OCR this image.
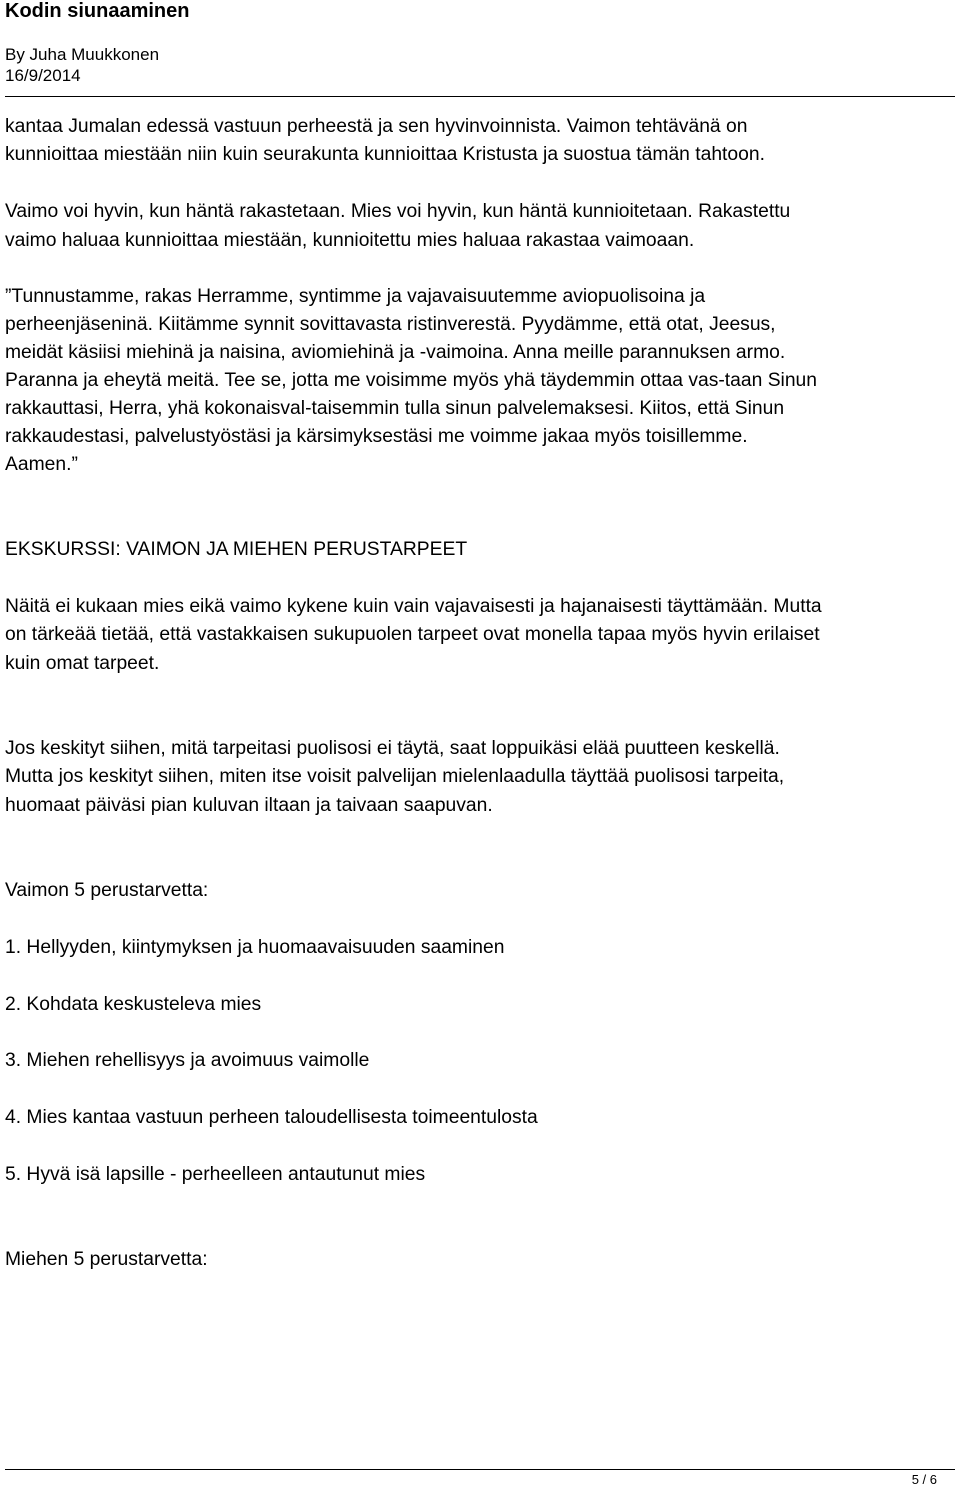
Kodin siunaaminen
By Juha Muukkonen
16/9/2014

kantaa Jumalan edessä vastuun perheestä ja sen hyvinvoinnista. Vaimon tehtävänä on

kunnioittaa miestään niin kuin seurakunta kunnioittaa Kristusta ja suostua tämän tahtoon.

Vaimo voi hyvin, kun häntä rakastetaan. Mies voi hyvin, kun häntä kunnioitetaan. Rakastettu

vaimo haluaa kunnioittaa miestään, kunnioitettu mies haluaa rakastaa vaimoaan.

”Tunnustamme, rakas Herramme, syntimme ja vajavaisuutemme aviopuolisoina ja

perheenjäseninä. Kiitämme synnit sovittavasta ristinverestä. Pyydämme, että otat, Jeesus,

meidät käsiisi miehinä ja naisina, aviomiehinä ja -vaimoina. Anna meille parannuksen armo.

Paranna ja eheytä meitä. Tee se, jotta me voisimme myös yhä täydemmin ottaa vas-taan Sinun

rakkauttasi, Herra, yhä kokonaisval-taisemmin tulla sinun palvelemaksesi. Kiitos, että Sinun

rakkaudestasi, palvelustyöstäsi ja kärsimyksestäsi me voimme jakaa myös toisillemme.

Aamen.”

EKSKURSSI: VAIMON JA MIEHEN PERUSTARPEET

Näitä ei kukaan mies eikä vaimo kykene kuin vain vajavaisesti ja hajanaisesti täyttämään. Mutta

on tärkeää tietää, että vastakkaisen sukupuolen tarpeet ovat monella tapaa myös hyvin erilaiset

kuin omat tarpeet.

Jos keskityt siihen, mitä tarpeitasi puolisosi ei täytä, saat loppuikäsi elää puutteen keskellä.

Mutta jos keskityt siihen, miten itse voisit palvelijan mielenlaadulla täyttää puolisosi tarpeita,

huomaat päiväsi pian kuluvan iltaan ja taivaan saapuvan.

Vaimon 5 perustarvetta:

1. Hellyyden, kiintymyksen ja huomaavaisuuden saaminen

2. Kohdata keskusteleva mies

3. Miehen rehellisyys ja avoimuus vaimolle

4. Mies kantaa vastuun perheen taloudellisesta toimeentulosta

5. Hyvä isä lapsille - perheelleen antautunut mies

Miehen 5 perustarvetta:

5 / 6
